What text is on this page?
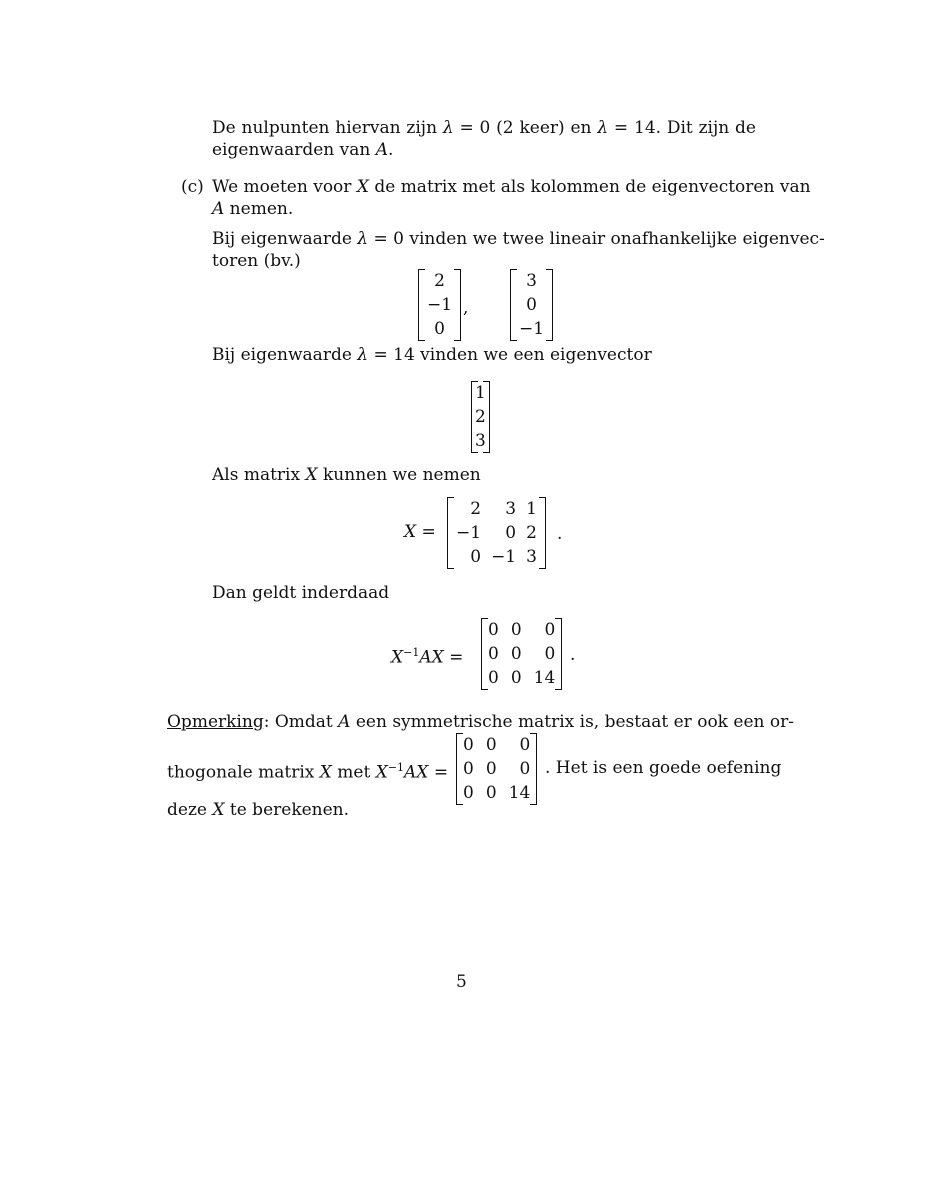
De nulpunten hiervan zijn λ = 0 (2 keer) en λ = 14. Dit zijn de
eigenwaarden van A.
(c) We moeten voor X de matrix met als kolommen de eigenvectoren van
A nemen.
Bij eigenwaarde λ = 0 vinden we twee lineair onafhankelijke eigenvec-
toren (bv.)
2
−1
0
,
3
0
−1
Bij eigenwaarde λ = 14 vinden we een eigenvector
1
2
3
Als matrix X kunnen we nemen
X =
2	3	1
−1	0	2
0	−1	3
.
Dan geldt inderdaad
$X^{-1}AX$ =
0	0	0
0	0	0
0	0	14
.
Opmerking: Omdat A een symmetrische matrix is, bestaat er ook een or-
thogonale matrix X met $X^{-1}AX$ =
0	0	0
0	0	0
0	0	14
. Het is een goede oefening
deze X te berekenen.
5
